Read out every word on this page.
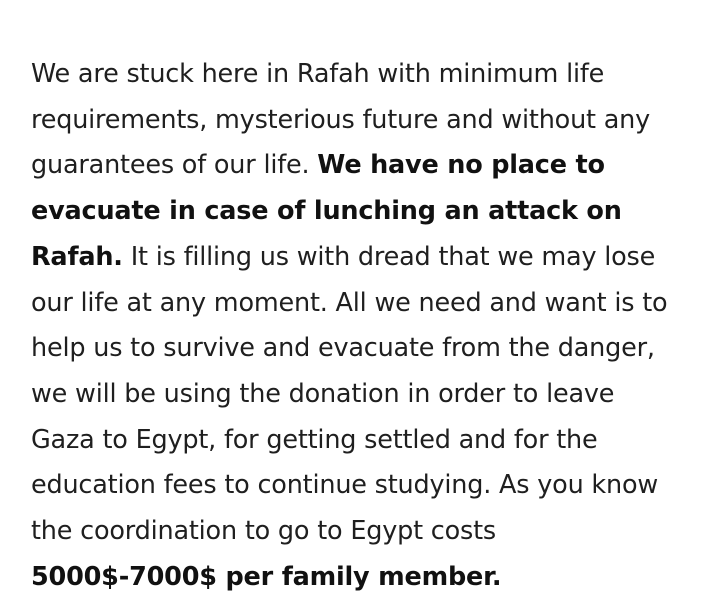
We are stuck here in Rafah with minimum life
requirements, mysterious future and without any
guarantees of our life. We have no place to
evacuate in case of lunching an attack on
Rafah. It is filling us with dread that we may lose
our life at any moment. All we need and want is to
help us to survive and evacuate from the danger,
we will be using the donation in order to leave
Gaza to Egypt, for getting settled and for the
education fees to continue studying. As you know
the coordination to go to Egypt costs
5000$-7000$ per family member.
